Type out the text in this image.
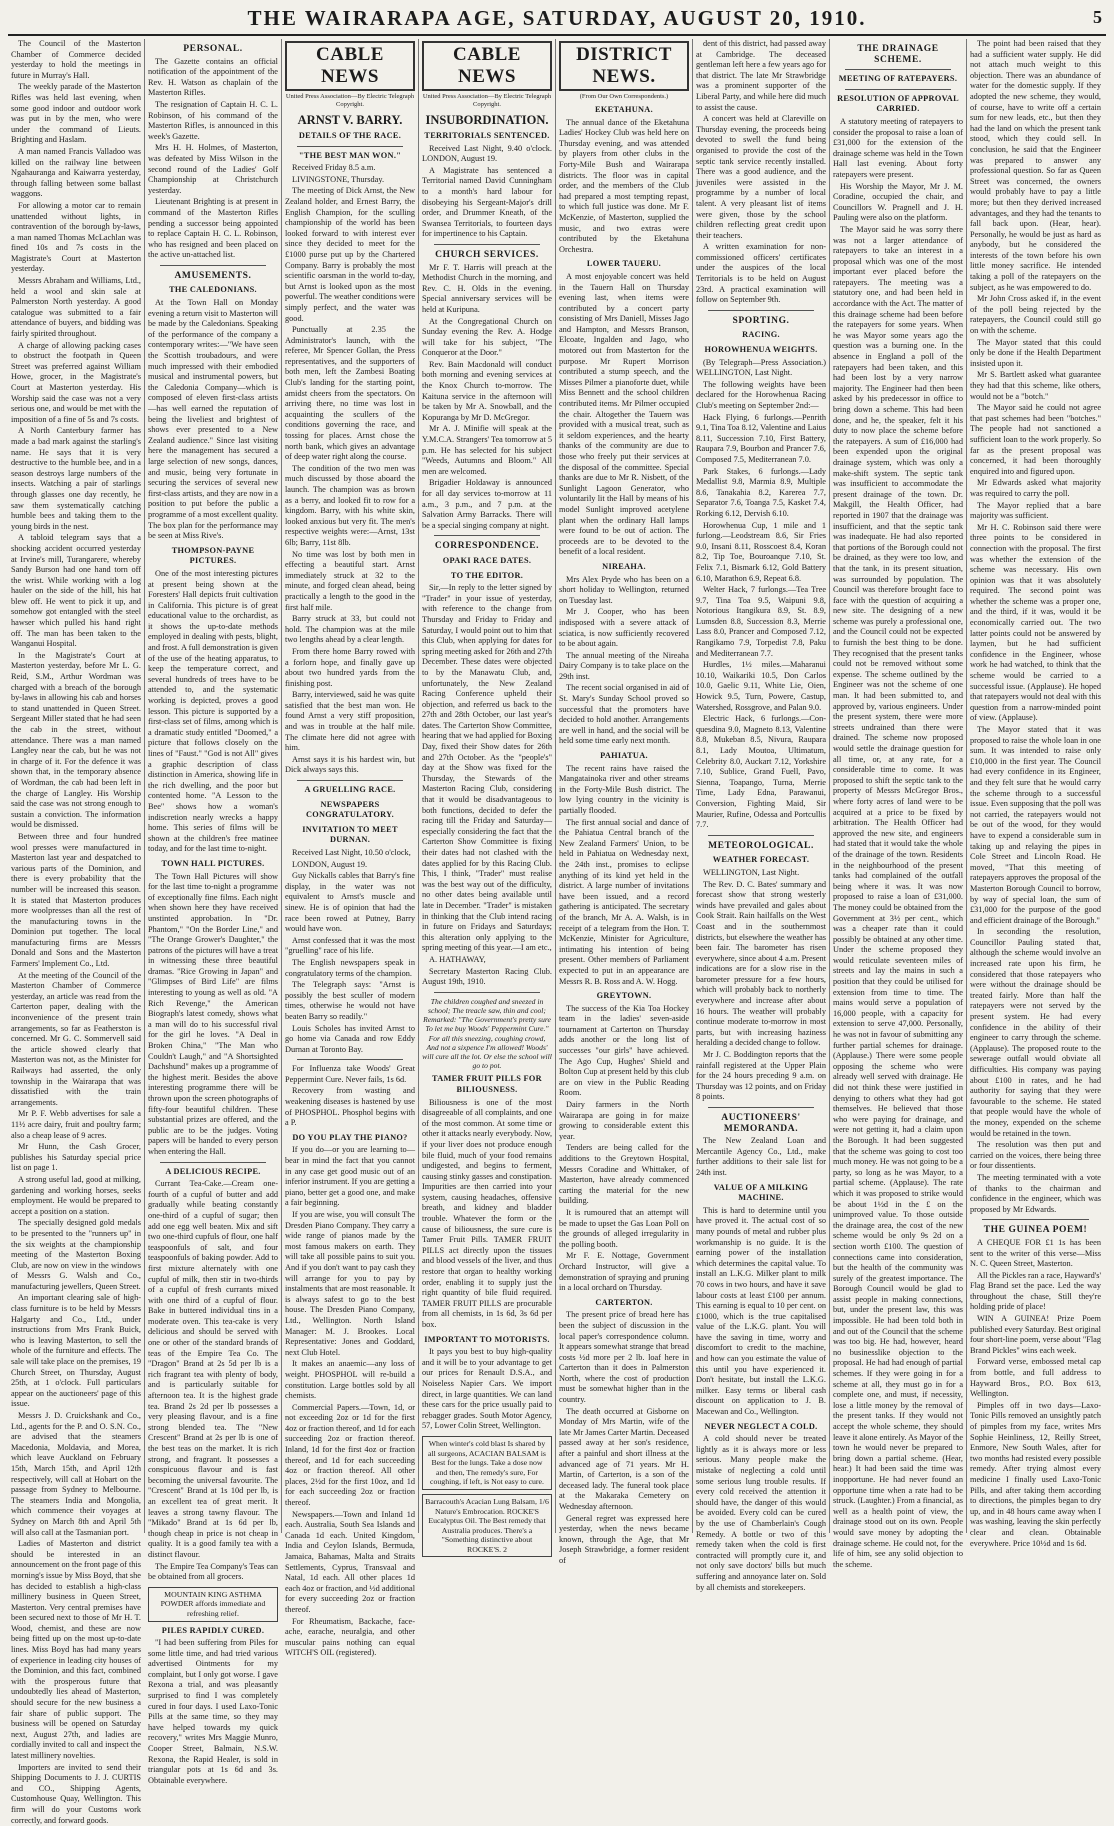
THE WAIRARAPA AGE, SATURDAY, AUGUST 20, 1910.	5

The Council of the Masterton Chamber of Commerce decided yesterday to hold the meetings in future in Murray's Hall.

The weekly parade of the Masterton Rifles was held last evening, when some good indoor and outdoor work was put in by the men, who were under the command of Lieuts. Brighting and Haslam.

A man named Francis Valladoo was killed on the railway line between Ngahauranga and Kaiwarra yesterday, through falling between some ballast waggons.

For allowing a motor car to remain unattended without lights, in contravention of the borough by-laws, a man named Thomas McLachlan was fined 10s and 7s costs in the Magistrate's Court at Masterton yesterday.

Messrs Abraham and Williams, Ltd., held a wool and skin sale at Palmerston North yesterday. A good catalogue was submitted to a fair attendance of buyers, and bidding was fairly spirited throughout.

A charge of allowing packing cases to obstruct the footpath in Queen Street was preferred against William Howe, grocer, in the Magistrate's Court at Masterton yesterday. His Worship said the case was not a very serious one, and would be met with the imposition of a fine of 5s and 7s costs.

A North Canterbury farmer has made a bad mark against the starling's name. He says that it is very destructive to the humble bee, and in a season destroys large numbers of the insects. Watching a pair of starlings through glasses one day recently, he saw them systematically catching humble bees and taking them to the young birds in the nest.

A tabloid telegram says that a shocking accident occurred yesterday at Irvine's mill, Turangarere, whereby Sandy Burson had one hand torn off the wrist. While working with a log hauler on the side of the hill, his hat blew off. He went to pick it up, and somehow got entangled with the steel hawser which pulled his hand right off. The man has been taken to the Wanganui Hospital.

In the Magistrate's Court at Masterton yesterday, before Mr L. G. Reid, S.M., Arthur Wordman was charged with a breach of the borough by-laws in allowing his cab and horses to stand unattended in Queen Street. Sergeant Miller stated that he had seen the cab in the street, without attendance. There was a man named Langley near the cab, but he was not in charge of it. For the defence it was shown that, in the temporary absence of Wordman, the cab had been left in the charge of Langley. His Worship said the case was not strong enough to sustain a conviction. The information would be dismissed.

Between three and four hundred wool presses were manufactured in Masterton last year and despatched to various parts of the Dominion, and there is every probability that the number will be increased this season. It is stated that Masterton produces more woolpresses than all the rest of the manufacturing towns in the Dominion put together. The local manufacturing firms are Messrs Donald and Sons and the Masterton Farmers' Implement Co., Ltd.

At the meeting of the Council of the Masterton Chamber of Commerce yesterday, an article was read from the Carterton paper, dealing with the inconvenience of the present train arrangements, so far as Featherston is concerned. Mr G. C. Sommervell said the article showed clearly that Masterton was not, as the Minister for Railways had asserted, the only township in the Wairarapa that was dissatisfied with the train arrangements.

Mr P. F. Webb advertises for sale a 11½ acre dairy, fruit and poultry farm; also a cheap lease of 9 acres.

Mr Hunn, the Cash Grocer, publishes his Saturday special price list on page 1.

A strong useful lad, good at milking, gardening and working horses, seeks employment. He would be prepared to accept a position on a station.

The specially designed gold medals to be presented to the "runners up" in the six weights at the championship meeting of the Masterton Boxing Club, are now on view in the windows of Messrs G. Walsh and Co., manufacturing jewellers, Queen Street.

An important clearing sale of high-class furniture is to be held by Messrs Halgarty and Co., Ltd., under instructions from Mrs Frank Buick, who is leaving Masterton, to sell the whole of the furniture and effects. The sale will take place on the premises, 19 Church Street, on Thursday, August 25th, at 1 o'clock. Full particulars appear on the auctioneers' page of this issue.

Messrs J. D. Cruickshank and Co., Ltd., agents for the P. and O. S.N. Co., are advised that the steamers Macedonia, Moldavia, and Morea, which leave Auckland on February 15th, March 15th, and April 12th respectively, will call at Hobart on the passage from Sydney to Melbourne. The steamers India and Mongolia, which commence their voyages at Sydney on March 8th and April 5th will also call at the Tasmanian port.

Ladies of Masterton and district should be interested in an announcement on the front page of this morning's issue by Miss Boyd, that she has decided to establish a high-class millinery business in Queen Street, Masterton. Very central premises have been secured next to those of Mr H. T. Wood, chemist, and these are now being fitted up on the most up-to-date lines. Miss Boyd has had many years of experience in leading city houses of the Dominion, and this fact, combined with the prosperous future that undoubtedly lies ahead of Masterton, should secure for the new business a fair share of public support. The business will be opened on Saturday next, August 27th, and ladies are cordially invited to call and inspect the latest millinery novelties.

Importers are invited to send their Shipping Documents to J. J. CURTIS and CO., Shipping Agents, Customhouse Quay, Wellington. This firm will do your Customs work correctly, and forward goods.

PERSONAL.

The Gazette contains an official notification of the appointment of the Rev. H. Watson as chaplain of the Masterton Rifles.

The resignation of Captain H. C. L. Robinson, of his command of the Masterton Rifles, is announced in this week's Gazette.

Mrs H. H. Holmes, of Masterton, was defeated by Miss Wilson in the second round of the Ladies' Golf Championship at Christchurch yesterday.

Lieutenant Brighting is at present in command of the Masterton Rifles pending a successor being appointed to replace Captain H. C. L. Robinson, who has resigned and been placed on the active un-attached list.

AMUSEMENTS.
THE CALEDONIANS.

At the Town Hall on Monday evening a return visit to Masterton will be made by the Caledonians. Speaking of the performance of the company a contemporary writes:—"We have seen the Scottish troubadours, and were much impressed with their embodied musical and instrumental powers, but the Caledonia Company—which is composed of eleven first-class artists—has well earned the reputation of being the liveliest and brightest of shows ever presented to a New Zealand audience." Since last visiting here the management has secured a large selection of new songs, dances, and music, being very fortunate in securing the services of several new first-class artists, and they are now in a position to put before the public a programme of a most excellent quality. The box plan for the performance may be seen at Miss Rive's.

THOMPSON-PAYNE PICTURES.

One of the most interesting pictures at present being shown at the Foresters' Hall depicts fruit cultivation in California. This picture is of great educational value to the orchardist, as it shows the up-to-date methods employed in dealing with pests, blight, and frost. A full demonstration is given of the use of the heating apparatus, to keep the temperature correct, and several hundreds of trees have to be attended to, and the systematic working is depicted, proves a good lesson. This picture is supported by a first-class set of films, among which is a dramatic study entitled "Doomed," a picture that follows closely on the lines of "Faust." "God is not All" gives a graphic description of class distinction in America, showing life in the rich dwelling, and the poor but contented home. "A Lesson to the Bee" shows how a woman's indiscretion nearly wrecks a happy home. This series of films will be shown at the children's free matinee today, and for the last time to-night.

TOWN HALL PICTURES.

The Town Hall Pictures will show for the last time to-night a programme of exceptionally fine films. Each night when shown here they have received unstinted approbation. In "Dr. Phantom," "On the Border Line," and "The Orange Grower's Daughter," the patrons of the pictures will have a treat in witnessing these three beautiful dramas. "Rice Growing in Japan" and "Glimpses of Bird Life" are films interesting to young as well as old. "A Rich Revenge," the American Biograph's latest comedy, shows what a man will do to his successful rival for the girl he loves. "A Deal in Broken China," "The Man who Couldn't Laugh," and "A Shortsighted Dachshund" makes up a programme of the highest merit. Besides the above interesting programme there will be thrown upon the screen photographs of fifty-four beautiful children. These substantial prizes are offered, and the public are to be the judges. Voting papers will be handed to every person when entering the Hall.

A DELICIOUS RECIPE.

Currant Tea-Cake.—Cream one-fourth of a cupful of butter and add gradually while beating constantly one-third of a cupful of sugar; then add one egg well beaten. Mix and sift two one-third cupfuls of flour, one half teaspoonfuls of salt, and four teaspoonfuls of baking powder. Add to first mixture alternately with one cupful of milk, then stir in two-thirds of a cupful of fresh currants mixed with one third of a cupful of flour. Bake in buttered individual tins in a moderate oven. This tea-cake is very delicious and should be served with one or other of the standard brands of teas of the Empire Tea Co. The "Dragon" Brand at 2s 5d per lb is a rich fragrant tea with plenty of body, and is particularly suitable for afternoon tea. It is the highest grade tea. Brand 2s 2d per lb possesses a very pleasing flavour, and is a fine strong blended tea. The "New Crescent" Brand at 2s per lb is one of the best teas on the market. It is rich strong, and fragrant. It possesses a conspicuous flavour and is fast becoming the universal favourite. The "Crescent" Brand at 1s 10d per lb, is an excellent tea of great merit. It leaves a strong tawny flavour. The "Mikado" Brand at 1s 6d per lb, though cheap in price is not cheap in quality. It is a good family tea with a distinct flavour.

The Empire Tea Company's Teas can be obtained from all grocers.

MOUNTAIN KING ASTHMA POWDER affords immediate and refreshing relief.
PILES RAPIDLY CURED.

"I had been suffering from Piles for some little time, and had tried various advertised Ointments for my complaint, but I only got worse. I gave Rexona a trial, and was pleasantly surprised to find I was completely cured in four days. I used Laxo-Tonic Pills at the same time, so they may have helped towards my quick recovery," writes Mrs Maggie Munro, Cooper Street, Balmain, N.S.W. Rexona, the Rapid Healer, is sold in triangular pots at 1s 6d and 3s. Obtainable everywhere.

CABLE NEWS
United Press Association—By Electric Telegraph Copyright.
ARNST V. BARRY.
DETAILS OF THE RACE.
"THE BEST MAN WON."

Received Friday 8.5 a.m.

LIVINGSTONE, Thursday.

The meeting of Dick Arnst, the New Zealand holder, and Ernest Barry, the English Champion, for the sculling championship of the world has been looked forward to with interest ever since they decided to meet for the £1000 purse put up by the Chartered Company. Barry is probably the most scientific oarsman in the world to-day, but Arnst is looked upon as the most powerful. The weather conditions were simply perfect, and the water was good.

Punctually at 2.35 the Administrator's launch, with the referee, Mr Spencer Gollan, the Press representatives, and the supporters of both men, left the Zambesi Boating Club's landing for the starting point, amidst cheers from the spectators. On arriving there, no time was lost in acquainting the scullers of the conditions governing the race, and tossing for places. Arnst chose the north bank, which gives an advantage of deep water right along the course.

The condition of the two men was much discussed by those aboard the launch. The champion was as brown as a berry, and looked fit to row for a kingdom. Barry, with his white skin, looked anxious but very fit. The men's respective weights were:—Arnst, 13st 6lb; Barry, 11st 8lb.

No time was lost by both men in effecting a beautiful start. Arnst immediately struck at 32 to the minute, and forged clean ahead, being practically a length to the good in the first half mile.

Barry struck at 33, but could not hold. The champion was at the mile two lengths ahead by a clear length.

From there home Barry rowed with a forlorn hope, and finally gave up about two hundred yards from the finishing post.

Barry, interviewed, said he was quite satisfied that the best man won. He found Arnst a very stiff proposition, and was in trouble at the half mile. The climate here did not agree with him.

Arnst says it is his hardest win, but Dick always says this.

A GRUELLING RACE.
NEWSPAPERS CONGRATULATORY.
INVITATION TO MEET DURNAN.

Received Last Night, 10.50 o'clock,

LONDON, August 19.

Guy Nickalls cables that Barry's fine display, in the water was not equivalent to Arnst's muscle and sinew. He is of opinion that had the race been rowed at Putney, Barry would have won.

Arnst confessed that it was the most "gruelling" race of his life.

The English newspapers speak in congratulatory terms of the champion.

The Telegraph says: "Arnst is possibly the best sculler of modern times, otherwise he would not have beaten Barry so readily."

Louis Scholes has invited Arnst to go home via Canada and row Eddy Durnan at Toronto Bay.

For Influenza take Woods' Great Peppermint Cure. Never fails, 1s 6d.

Recovery from wasting and weakening diseases is hastened by use of PHOSPHOL. Phosphol begins with a P.

DO YOU PLAY THE PIANO?

If you do—or you are learning to—bear in mind the fact that you cannot in any case get good music out of an inferior instrument. If you are getting a piano, better get a good one, and make a fair beginning.

If you are wise, you will consult The Dresden Piano Company. They carry a wide range of pianos made by the most famous makers on earth. They will take all possible pains to suit you. And if you don't want to pay cash they will arrange for you to pay by instalments that are most reasonable. It is always safest to go to the best house. The Dresden Piano Company, Ltd., Wellington. North Island Manager: M. J. Brookes. Local Representative: Jones and Goddard, next Club Hotel.

It makes an anaemic—any loss of weight. PHOSPHOL will re-build a constitution. Large bottles sold by all chemists.

Commercial Papers.—Town, 1d, or not exceeding 2oz or 1d for the first 4oz or fraction thereof, and 1d for each succeeding 2oz or fraction thereof. Inland, 1d for the first 4oz or fraction thereof, and 1d for each succeeding 4oz or fraction thereof. All other places, 2½d for the first 10oz, and 1d for each succeeding 2oz or fraction thereof.

Newspapers.—Town and Inland 1d each. Australia, South Sea Islands and Canada 1d each. United Kingdom, India and Ceylon Islands, Bermuda, Jamaica, Bahamas, Malta and Straits Settlements, Cyprus, Transvaal and Natal, 1d each. All other places 1d each 4oz or fraction, and ½d additional for every succeeding 2oz or fraction thereof.

For Rheumatism, Backache, face-ache, earache, neuralgia, and other muscular pains nothing can equal WITCH'S OIL (registered).

CABLE NEWS
United Press Association—By Electric Telegraph Copyright.
INSUBORDINATION.
TERRITORIALS SENTENCED.

Received Last Night, 9.40 o'clock. LONDON, August 19.

A Magistrate has sentenced a Territorial named David Cunningham to a month's hard labour for disobeying his Sergeant-Major's drill order, and Drummer Kneath, of the Swansea Territorials, to fourteen days for impertinence to his Captain.

CHURCH SERVICES.

Mr F. T. Harris will preach at the Methodist Church in the morning, and Rev. C. H. Olds in the evening. Special anniversary services will be held at Kuripuna.

At the Congregational Church on Sunday evening the Rev. A. Hodge will take for his subject, "The Conqueror at the Door."

Rev. Bain Macdonald will conduct both morning and evening services at the Knox Church to-morrow. The Kaituna service in the afternoon will be taken by Mr A. Snowball, and the Kopuranga by Mr D. McGregor.

Mr A. J. Minifie will speak at the Y.M.C.A. Strangers' Tea tomorrow at 5 p.m. He has selected for his subject "Weeds, Autumns and Bloom." All men are welcomed.

Brigadier Holdaway is announced for all day services to-morrow at 11 a.m., 3 p.m., and 7 p.m. at the Salvation Army Barracks. There will be a special singing company at night.

CORRESPONDENCE.
OPAKI RACE DATES.
TO THE EDITOR.

Sir,—In reply to the letter signed by "Trader" in your issue of yesterday, with reference to the change from Thursday and Friday to Friday and Saturday, I would point out to him that this Club, when applying for dates for spring meeting asked for 26th and 27th December. These dates were objected to by the Manawatu Club, and, unfortunately, the New Zealand Racing Conference upheld their objection, and referred us back to the 27th and 28th October, our last year's dates. The Carterton Show Committee, hearing that we had applied for Boxing Day, fixed their Show dates for 26th and 27th October. As the "people's" day at the Show was fixed for the Thursday, the Stewards of the Masterton Racing Club, considering that it would be disadvantageous to both functions, decided to defer the racing till the Friday and Saturday—especially considering the fact that the Carterton Show Committee is fixing their dates had not clashed with the dates applied for by this Racing Club. This, I think, "Trader" must realise was the best way out of the difficulty, no other dates being available until late in December. "Trader" is mistaken in thinking that the Club intend racing in future on Fridays and Saturdays; this alteration only applying to the spring meeting of this year.—I am etc.,

A. HATHAWAY,

Secretary Masterton Racing Club. August 19th, 1910.

The children coughed and sneezed in school; The treacle saw, thin and cool; Remarked: "The Government's pretty sure To let me buy Woods' Peppermint Cure." For all this sneezing, coughing crowd, And not a sixpence I'm allowed! Woods' will cure all the lot. Or else the school will go to pot.
TAMER FRUIT PILLS FOR BILIOUSNESS.

Biliousness is one of the most disagreeable of all complaints, and one of the most common. At some time or other it attacks nearly everybody. Now, if your liver does not produce enough bile fluid, much of your food remains undigested, and begins to ferment, causing stinky gasses and constipation. Impurities are then carried into your system, causing headaches, offensive breath, and kidney and bladder trouble. Whatever the form or the cause of biliousness, the sure cure is Tamer Fruit Pills. TAMER FRUIT PILLS act directly upon the tissues and blood vessels of the liver, and thus restore that organ to healthy working order, enabling it to supply just the right quantity of bile fluid required. TAMER FRUIT PILLS are procurable from all chemists, in 1s 6d, 3s 6d per box.

IMPORTANT TO MOTORISTS.

It pays you best to buy high-quality and it will be to your advantage to get our prices for Renault D.S.A., and Noiseless Napier Cars. We import direct, in large quantities. We can land these cars for the price usually paid to rebagger grades. South Motor Agency, 57, Lower Colin Street, Wellington.

When winter's cold blast Is shared by all surgeons, ACACIAN BALSAM is Best for the lungs. Take a dose now and then, The remedy's sure, For coughing, if left, is Not easy to cure.
Barracouth's Acacian Lung Balsam, 1/6 Nature's Embrocation. ROCKE'S Eucalyptus Oil. The Best remedy that Australia produces. There's a "Something distinctive about ROCKE'S. 2
DISTRICT NEWS.
(From Our Own Correspondents.)
EKETAHUNA.

The annual dance of the Eketahuna Ladies' Hockey Club was held here on Thursday evening, and was attended by players from other clubs in the Forty-Mile Bush and Wairarapa districts. The floor was in capital order, and the members of the Club had prepared a most tempting repast, to which full justice was done. Mr F. McKenzie, of Masterton, supplied the music, and two extras were contributed by the Eketahuna Orchestra.

LOWER TAUERU.

A most enjoyable concert was held in the Tauern Hall on Thursday evening last, when items were contributed by a concert party consisting of Mrs Daniell, Misses Jago and Hampton, and Messrs Branson, Elcoate, Ingalden and Jago, who motored out from Masterton for the purpose. Mr Rupert Morrison contributed a stump speech, and the Misses Pilmer a pianoforte duet, while Miss Bennett and the school children contributed items. Mr Pilmer occupied the chair. Altogether the Tauern was provided with a musical treat, such as it seldom experiences, and the hearty thanks of the community are due to those who freely put their services at the disposal of the committee. Special thanks are due to Mr R. Nisbett, of the Sunlight Lagoon Generator, who voluntarily lit the Hall by means of his model Sunlight improved acetylene plant when the ordinary Hall lamps were found to be out of action. The proceeds are to be devoted to the benefit of a local resident.

NIREAHA.

Mrs Alex Pryde who has been on a short holiday to Wellington, returned on Tuesday last.

Mr J. Cooper, who has been indisposed with a severe attack of sciatica, is now sufficiently recovered to be about again.

The annual meeting of the Nireaha Dairy Company is to take place on the 29th inst.

The recent social organised in aid of St. Mary's Sunday School proved so successful that the promoters have decided to hold another. Arrangements are well in hand, and the social will be held some time early next month.

PAHIATUA.

The recent rains have raised the Mangatainoka river and other streams in the Forty-Mile Bush district. The low lying country in the vicinity is partially flooded.

The first annual social and dance of the Pahiatua Central branch of the New Zealand Farmers' Union, to be held in Pahiatua on Wednesday next, the 24th inst., promises to eclipse anything of its kind yet held in the district. A large number of invitations have been issued, and a record gathering is anticipated. The secretary of the branch, Mr A. A. Walsh, is in receipt of a telegram from the Hon. T. McKenzie, Minister for Agriculture, intimating his intention of being present. Other members of Parliament expected to put in an appearance are Messrs R. B. Ross and A. W. Hogg.

GREYTOWN.

The success of the Kia Toa Hockey team in the ladies' seven-aside tournament at Carterton on Thursday adds another or the long list of successes "our girls" have achieved. The Ago Cup, Hughes' Shield and Bolton Cup at present held by this club are on view in the Public Reading Room.

Dairy farmers in the North Wairarapa are going in for maize growing to considerable extent this year.

Tenders are being called for the additions to the Greytown Hospital, Messrs Coradine and Whittaker, of Masterton, have already commenced carting the material for the new building.

It is rumoured that an attempt will be made to upset the Gas Loan Poll on the grounds of alleged irregularity in the polling booth.

Mr F. E. Nottage, Government Orchard Instructor, will give a demonstration of spraying and pruning in a local orchard on Thursday.

CARTERTON.

The present price of bread here has been the subject of discussion in the local paper's correspondence column. It appears somewhat strange that bread costs ½d more per 2 lb. loaf here in Carterton than it does in Palmerston North, where the cost of production must be somewhat higher than in the country.

The death occurred at Gisborne on Monday of Mrs Martin, wife of the late Mr James Carter Martin. Deceased passed away at her son's residence, after a painful and short illness at the advanced age of 71 years. Mr H. Martin, of Carterton, is a son of the deceased lady. The funeral took place at the Makaraka Cemetery on Wednesday afternoon.

General regret was expressed here yesterday, when the news became known, through the Age, that Mr Joseph Strawbridge, a former resident of

dent of this district, had passed away at Cambridge. The deceased gentleman left here a few years ago for that district. The late Mr Strawbridge was a prominent supporter of the Liberal Party, and while here did much to assist the cause.

A concert was held at Clareville on Thursday evening, the proceeds being devoted to swell the fund being organised to provide the cost of the septic tank service recently installed. There was a good audience, and the juveniles were assisted in the programme by a number of local talent. A very pleasant list of items were given, those by the school children reflecting great credit upon their teachers.

A written examination for non-commissioned officers' certificates under the auspices of the local Territorials is to be held on August 23rd. A practical examination will follow on September 9th.

SPORTING.
RACING.
HOROWHENUA WEIGHTS.

(By Telegraph—Press Association.) WELLINGTON, Last Night.

The following weights have been declared for the Horowhenua Racing Club's meeting on September 2nd:—

Hack Flying, 6 furlongs.—Penrith 9.1, Tina Toa 8.12, Valentine and Laius 8.11, Succession 7.10, First Battery, Raupara 7.9, Bourbon and Prancer 7.6, Composed 7.5, Mediterranean 7.0.

Park Stakes, 6 furlongs.—Lady Medallist 9.8, Marmia 8.9, Multiple 8.6, Tanakahia 8.2, Karerea 7.7, Separator 7.6, Toanga 7.5, Kasket 7.4, Rorking 6.12, Dervish 6.10.

Horowhenua Cup, 1 mile and 1 furlong.—Leodstream 8.6, Sir Fries 9.0, Insani 8.11, Rosscoest 8.4, Koran 8.2, Tip Toe, Bouroanque 7.10, St. Felix 7.1, Bismark 6.12, Gold Battery 6.10, Marathon 6.9, Repeat 6.8.

Welter Hack, 7 furlongs.—Tea Tree 9.7, Tina Toa 9.5, Waipuni 9.8, Notorious Itangikura 8.9, St. 8.9, Lumsden 8.8, Succession 8.3, Merrie Lass 8.0, Prancer and Composed 7.12, Rangikamo 7.9, Torpedist 7.8, Paku and Mediterranean 7.7.

Hurdles, 1½ miles.—Maharanui 10.10, Waikariki 10.5, Don Carlos 10.0, Gaelic 9.11, White Lie, Oien, Howick 9.5, Turn, Powere, Castup, Watershed, Rossgrove, and Palan 9.0.

Electric Hack, 6 furlongs.—Con-quesdina 9.0, Magneto 8.13, Valentine 8.8, Mukeban 8.5, Nivura, Raupara 8.1, Lady Moutoa, Ultimatum, Celebrity 8.0, Auckart 7.12, Yorkshire 7.10, Sublice, Grand Fuell, Pavo, Sienna, Toapango, Turna, Merrie Time, Lady Edna, Parawanui, Conversion, Fighting Maid, Sir Maurier, Rufine, Odessa and Portcullis 7.7.

METEOROLOGICAL.
WEATHER FORECAST.

WELLINGTON, Last Night.

The Rev. D. C. Bates' summary and forecast show that strong westerly winds have prevailed and gales about Cook Strait. Rain hailfalls on the West Coast and in the southernmost districts, but elsewhere the weather has been fair. The barometer has risen everywhere, since about 4 a.m. Present indications are for a slow rise in the barometer pressure for a few hours, which will probably back to northerly everywhere and increase after about 16 hours. The weather will probably continue moderate to-morrow in most parts, but with increasing haziness heralding a decided change to follow.

Mr J. C. Boddington reports that the rainfall registered at the Upper Plain for the 24 hours preceding 9 a.m. on Thursday was 12 points, and on Friday 8 points.

AUCTIONEERS' MEMORANDA.

The New Zealand Loan and Mercantile Agency Co., Ltd., make further additions to their sale list for 24th inst.

VALUE OF A MILKING MACHINE.

This is hard to determine until you have proved it. The actual cost of so many pounds of metal and rubber plus workmanship is no guide. It is the earning power of the installation which determines the capital value. To install an L.K.G. Milker plant to milk 70 cows in two hours, and have it save labour costs at least £100 per annum. This earning is equal to 10 per cent. on £1000, which is the true capitalised value of the L.K.G. plant. You will have the saving in time, worry and discomfort to credit to the machine, and how can you estimate the value of this until you have experienced it. Don't hesitate, but install the L.K.G. milker. Easy terms or liberal cash discount on application to J. B. Macewan and Co., Wellington.

NEVER NEGLECT A COLD.

A cold should never be treated lightly as it is always more or less serious. Many people make the mistake of neglecting a cold until some serious lung trouble results. If every cold received the attention it should have, the danger of this would be avoided. Every cold can be cured by the use of Chamberlain's Cough Remedy. A bottle or two of this remedy taken when the cold is first contracted will promptly cure it, and not only save doctors' bills but much suffering and annoyance later on. Sold by all chemists and storekeepers.

THE DRAINAGE SCHEME.
MEETING OF RATEPAYERS.
RESOLUTION OF APPROVAL CARRIED.

A statutory meeting of ratepayers to consider the proposal to raise a loan of £31,000 for the extension of the drainage scheme was held in the Town Hall last evening. About forty ratepayers were present.

His Worship the Mayor, Mr J. M. Coradine, occupied the chair, and Councillors W. Pragnell and J. H. Pauling were also on the platform.

The Mayor said he was sorry there was not a larger attendance of ratepayers to take an interest in a proposal which was one of the most important ever placed before the ratepayers. The meeting was a statutory one, and had been held in accordance with the Act. The matter of this drainage scheme had been before the ratepayers for some years. When he was Mayor some years ago the question was a burning one. In the absence in England a poll of the ratepayers had been taken, and this had been lost by a very narrow majority. The Engineer had then been asked by his predecessor in office to bring down a scheme. This had been done, and he, the speaker, felt it his duty to now place the scheme before the ratepayers. A sum of £16,000 had been expended upon the original drainage system, which was only a make-shift system. The septic tank was insufficient to accommodate the present drainage of the town. Dr. Makgill, the Health Officer, had reported in 1907 that the drainage was insufficient, and that the septic tank was inadequate. He had also reported that portions of the Borough could not be drained, as they were too low, and that the tank, in its present situation, was surrounded by population. The Council was therefore brought face to face with the question of acquiring a new site. The designing of a new scheme was purely a professional one, and the Council could not be expected to furnish the best thing to be done. They recognised that the present tanks could not be removed without some expense. The scheme outlined by the Engineer was not the scheme of one man. It had been submitted to, and approved by, various engineers. Under the present system, there were more streets undrained than there were drained. The scheme now proposed would settle the drainage question for all time, or, at any rate, for a considerable time to come. It was proposed to shift the septic tank to the property of Messrs McGregor Bros., where forty acres of land were to be acquired at a price to be fixed by arbitration. The Health Officer had approved the new site, and engineers had stated that it would take the whole of the drainage of the town. Residents in the neighbourhood of the present tanks had complained of the outfall being where it was. It was now proposed to raise a loan of £31,000. The money could be obtained from the Government at 3½ per cent., which was a cheaper rate than it could possibly be obtained at any other time. Under the scheme proposed they would reticulate seventeen miles of streets and lay the mains in such a position that they could be utilised for extension from time to time. The mains would serve a population of 16,000 people, with a capacity for extension to serve 47,000. Personally, he was not in favour of submitting any further partial schemes for drainage. (Applause.) There were some people opposing the scheme who were already well served with drainage. He did not think these were justified in denying to others what they had got themselves. He believed that those who were paying for drainage, and were not getting it, had a claim upon the Borough. It had been suggested that the scheme was going to cost too much money. He was not going to be a party, so long as he was Mayor, to a partial scheme. (Applause). The rate which it was proposed to strike would be about 1½d in the £ on the unimproved value. To those outside the drainage area, the cost of the new scheme would be only 9s 2d on a section worth £100. The question of connections came into consideration, but the health of the community was surely of the greatest importance. The Borough Council would be glad to assist people in making connections, but, under the present law, this was impossible. He had been told both in and out of the Council that the scheme was too big. He had, however, heard no businesslike objection to the proposal. He had had enough of partial schemes. If they were going in for a scheme at all, they must go in for a complete one, and must, if necessity, lose a little money by the removal of the present tanks. If they would not accept the whole scheme, they should leave it alone entirely. As Mayor of the town he would never be prepared to bring down a partial scheme. (Hear, hear.) It had been said the time was inopportune. He had never found an opportune time when a rate had to be struck. (Laughter.) From a financial, as well as a health point of view, the drainage stood out on its own. People would save money by adopting the drainage scheme. He could not, for the life of him, see any solid objection to the scheme.

The point had been raised that they had a sufficient water supply. He did not attach much weight to this objection. There was an abundance of water for the domestic supply. If they adopted the new scheme, they would, of course, have to write off a certain sum for new leads, etc., but then they had the land on which the present tank stood, which they could sell. In conclusion, he said that the Engineer was prepared to answer any professional question. So far as Queen Street was concerned, the owners would probably have to pay a little more; but then they derived increased advantages, and they had the tenants to fall back upon. (Hear, hear). Personally, he would be just as hard as anybody, but he considered the interests of the town before his own little money sacrifice. He intended taking a poll of the ratepayers on the subject, as he was empowered to do.

Mr John Cross asked if, in the event of the poll being rejected by the ratepayers, the Council could still go on with the scheme.

The Mayor stated that this could only be done if the Health Department insisted upon it.

Mr S. Bartlett asked what guarantee they had that this scheme, like others, would not be a "botch."

The Mayor said he could not agree that past schemes had been "botches." The people had not sanctioned a sufficient loan to the work properly. So far as the present proposal was concerned, it had been thoroughly enquired into and figured upon.

Mr Edwards asked what majority was required to carry the poll.

The Mayor replied that a bare majority was sufficient.

Mr H. C. Robinson said there were three points to be considered in connection with the proposal. The first was whether the extension of the scheme was necessary. His own opinion was that it was absolutely required. The second point was whether the scheme was a proper one, and the third, if it was, would it be economically carried out. The two latter points could not be answered by laymen, but he had sufficient confidence in the Engineer, whose work he had watched, to think that the scheme would be carried to a successful issue. (Applause). He hoped that ratepayers would not deal with this question from a narrow-minded point of view. (Applause).

The Mayor stated that it was proposed to raise the whole loan in one sum. It was intended to raise only £10,000 in the first year. The Council had every confidence in its Engineer, and they felt sure that he would carry the scheme through to a successful issue. Even supposing that the poll was not carried, the ratepayers would not be out of the wood, for they would have to expend a considerable sum in taking up and relaying the pipes in Cole Street and Lincoln Road. He moved, "That this meeting of ratepayers approves the proposal of the Masterton Borough Council to borrow, by way of special loan, the sum of £31,000 for the purpose of the good and efficient drainage of the Borough."

In seconding the resolution, Councillor Pauling stated that, although the scheme would involve an increased rate upon his firm, he considered that those ratepayers who were without the drainage should be treated fairly. More than half the ratepayers were not served by the present system. He had every confidence in the ability of their engineer to carry through the scheme. (Applause). The proposed route to the sewerage outfall would obviate all difficulties. His company was paying about £100 in rates, and he had authority for saying that they were favourable to the scheme. He stated that people would have the whole of the money, expended on the scheme would be retained in the town.

The resolution was then put and carried on the voices, there being three or four dissentients.

The meeting terminated with a vote of thanks to the chairman and confidence in the engineer, which was proposed by Mr Edwards.

THE GUINEA POEM!

A CHEQUE FOR £1 1s has been sent to the writer of this verse—Miss N. C. Queen Street, Masterton.

All the Pickles ran a race, Hayward's' Flag Brand set the pace. Led the way throughout the chase, Still they're holding pride of place!

WIN A GUINEA! Prize Poem published every Saturday. Best original four short-line poem, verse about "Flag Brand Pickles" wins each week.

Forward verse, embossed metal cap from bottle, and full address to Hayward Bros., P.O. Box 613, Wellington.

Pimples off in two days—Laxo-Tonic Pills removed an unsightly patch of pimples from my face, writes Mrs Sophie Heinliness, 12, Reilly Street, Enmore, New South Wales, after for two months had resisted every possible remedy. After trying almost every medicine I finally used Laxo-Tonic Pills, and after taking them according to directions, the pimples began to dry up, and in 48 hours came away when I was washing, leaving the skin perfectly clear and clean. Obtainable everywhere. Price 10½d and 1s 6d.
